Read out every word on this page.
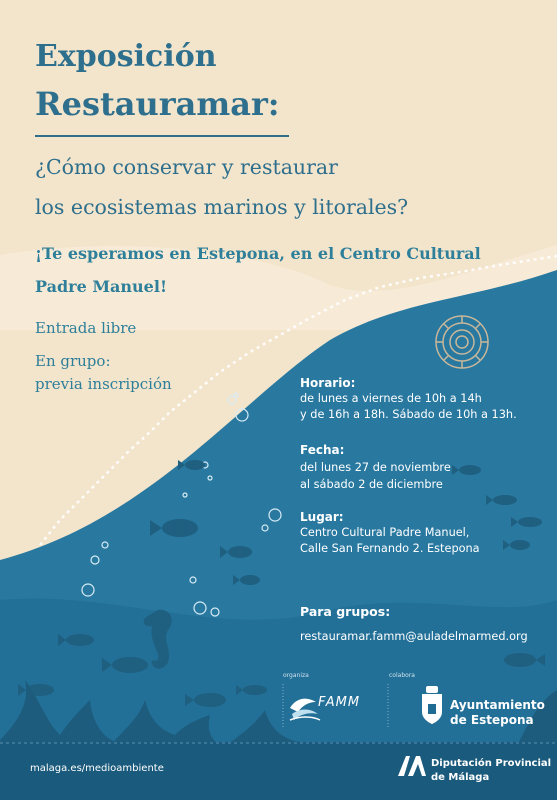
Exposición
Restauramar:

¿Cómo conservar y restaurar

los ecosistemas marinos y litorales?

¡Te esperamos en Estepona, en el Centro Cultural

Padre Manuel!

Entrada libre

En grupo:

previa inscripción	Horario:
de lunes a viernes de 10h a 14h
y de 16h a 18h. Sábado de 10h a 13h.
Fecha:
del lunes 27 de noviembre
al sábado 2 de diciembre
Lugar:
Centro Cultural Padre Manuel,
Calle San Fernando 2. Estepona
Para grupos:
restauramar.famm@auladelmarmed.org
organiza
FAMM
colabora
Ayuntamiento
de Estepona
malaga.es/medioambiente	Diputación Provincial
de Málaga
